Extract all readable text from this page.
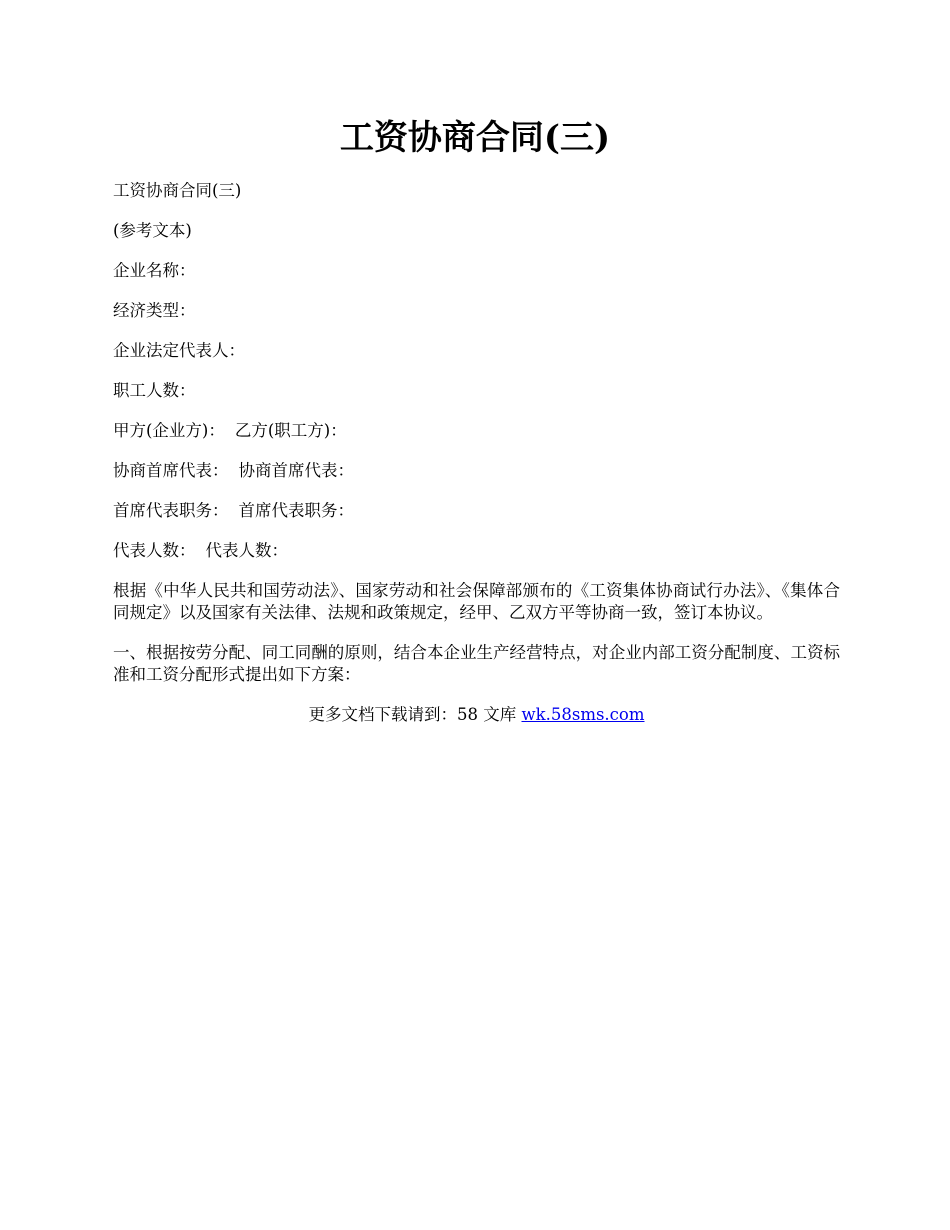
工资协商合同(三)

工资协商合同(三)

(参考文本)

企业名称：

经济类型：

企业法定代表人：

职工人数：

甲方(企业方)： 乙方(职工方)：

协商首席代表： 协商首席代表：

首席代表职务： 首席代表职务：

代表人数： 代表人数：

根据《中华人民共和国劳动法》、国家劳动和社会保障部颁布的《工资集体协商试行办法》、《集体合同规定》以及国家有关法律、法规和政策规定，经甲、乙双方平等协商一致，签订本协议。

一、根据按劳分配、同工同酬的原则，结合本企业生产经营特点，对企业内部工资分配制度、工资标准和工资分配形式提出如下方案：

更多文档下载请到：58 文库 wk.58sms.com
